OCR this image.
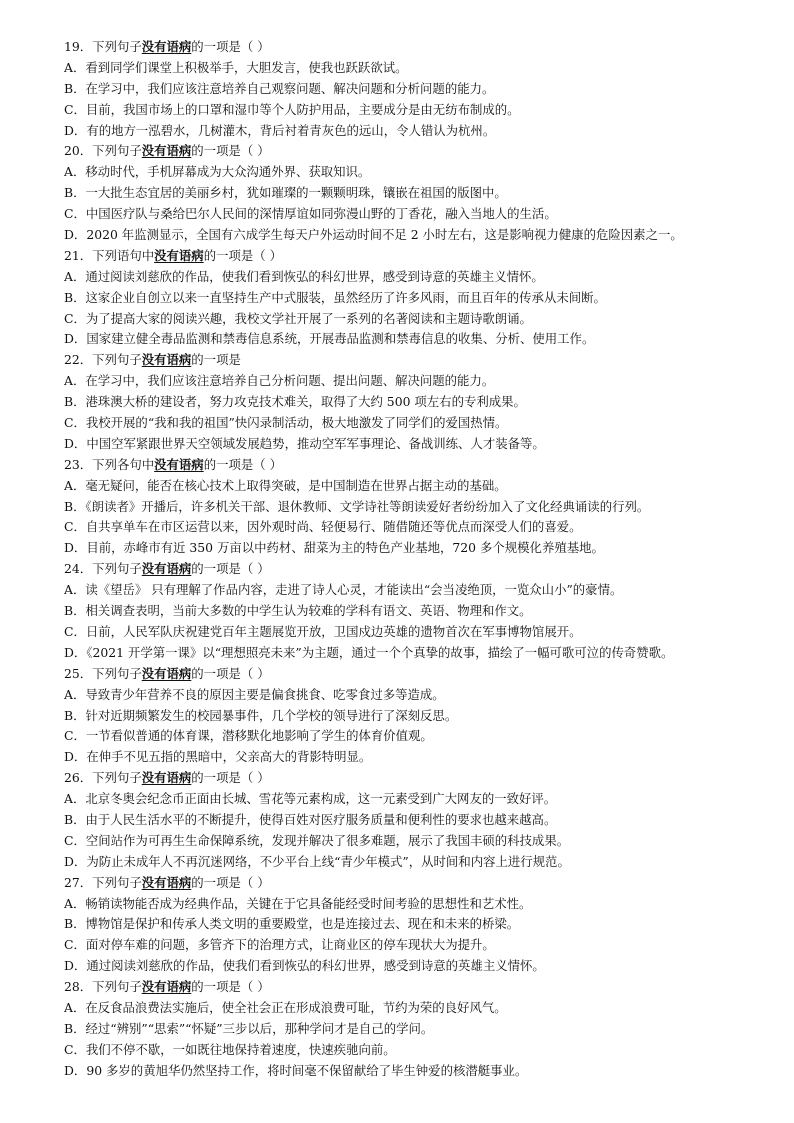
19．下列句子没有语病的一项是（ ）
A．看到同学们课堂上积极举手，大胆发言，使我也跃跃欲试。
B．在学习中，我们应该注意培养自己观察问题、解决问题和分析问题的能力。
C．目前，我国市场上的口罩和湿巾等个人防护用品，主要成分是由无纺布制成的。
D．有的地方一泓碧水，几树灌木，背后衬着青灰色的远山，令人错认为杭州。
20．下列句子没有语病的一项是（ ）
A．移动时代，手机屏幕成为大众沟通外界、获取知识。
B．一大批生态宜居的美丽乡村，犹如璀璨的一颗颗明珠，镶嵌在祖国的版图中。
C．中国医疗队与桑给巴尔人民间的深情厚谊如同弥漫山野的丁香花，融入当地人的生活。
D．2020 年监测显示，全国有六成学生每天户外运动时间不足 2 小时左右，这是影响视力健康的危险因素之一。
21．下列语句中没有语病的一项是（ ）
A．通过阅读刘慈欣的作品，使我们看到恢弘的科幻世界，感受到诗意的英雄主义情怀。
B．这家企业自创立以来一直坚持生产中式服装，虽然经历了许多风雨，而且百年的传承从未间断。
C．为了提高大家的阅读兴趣，我校文学社开展了一系列的名著阅读和主题诗歌朗诵。
D．国家建立健全毒品监测和禁毒信息系统，开展毒品监测和禁毒信息的收集、分析、使用工作。
22．下列句子没有语病的一项是
A．在学习中，我们应该注意培养自己分析问题、提出问题、解决问题的能力。
B．港珠澳大桥的建设者，努力攻克技术难关，取得了大约 500 项左右的专利成果。
C．我校开展的“我和我的祖国”快闪录制活动，极大地激发了同学们的爱国热情。
D．中国空军紧跟世界天空领域发展趋势，推动空军军事理论、备战训练、人才装备等。
23．下列各句中没有语病的一项是（ ）
A．毫无疑问，能否在核心技术上取得突破，是中国制造在世界占据主动的基础。
B．《朗读者》开播后，许多机关干部、退休教师、文学诗社等朗读爱好者纷纷加入了文化经典诵读的行列。
C．自共享单车在市区运营以来，因外观时尚、轻便易行、随借随还等优点而深受人们的喜爱。
D．目前，赤峰市有近 350 万亩以中药材、甜菜为主的特色产业基地，720 多个规模化养殖基地。
24．下列句子没有语病的一项是（ ）
A．读《望岳》 只有理解了作品内容，走进了诗人心灵，才能读出“会当凌绝顶，一览众山小”的豪情。
B．相关调查表明，当前大多数的中学生认为较难的学科有语文、英语、物理和作文。
C．日前，人民军队庆祝建党百年主题展览开放，卫国戍边英雄的遗物首次在军事博物馆展开。
D．《2021 开学第一课》以“理想照亮未来”为主题，通过一个个真挚的故事，描绘了一幅可歌可泣的传奇赞歌。
25．下列句子没有语病的一项是（ ）
A．导致青少年营养不良的原因主要是偏食挑食、吃零食过多等造成。
B．针对近期频繁发生的校园暴事件，几个学校的领导进行了深刻反思。
C．一节看似普通的体育课，潜移默化地影响了学生的体育价值观。
D．在伸手不见五指的黑暗中，父亲高大的背影特明显。
26．下列句子没有语病的一项是（ ）
A．北京冬奥会纪念币正面由长城、雪花等元素构成，这一元素受到广大网友的一致好评。
B．由于人民生活水平的不断提升，使得百姓对医疗服务质量和便利性的要求也越来越高。
C．空间站作为可再生生命保障系统，发现并解决了很多难题，展示了我国丰硕的科技成果。
D．为防止未成年人不再沉迷网络，不少平台上线“青少年模式”，从时间和内容上进行规范。
27．下列句子没有语病的一项是（ ）
A．畅销读物能否成为经典作品，关键在于它具备能经受时间考验的思想性和艺术性。
B．博物馆是保护和传承人类文明的重要殿堂，也是连接过去、现在和未来的桥梁。
C．面对停车难的问题，多管齐下的治理方式，让商业区的停车现状大为提升。
D．通过阅读刘慈欣的作品，使我们看到恢弘的科幻世界，感受到诗意的英雄主义情怀。
28．下列句子没有语病的一项是（ ）
A．在反食品浪费法实施后，使全社会正在形成浪费可耻，节约为荣的良好风气。
B．经过“辨别”“思索”“怀疑”三步以后，那种学问才是自己的学问。
C．我们不停不歇，一如既往地保持着速度，快速疾驰向前。
D．90 多岁的黄旭华仍然坚持工作，将时间毫不保留献给了毕生钟爱的核潜艇事业。
